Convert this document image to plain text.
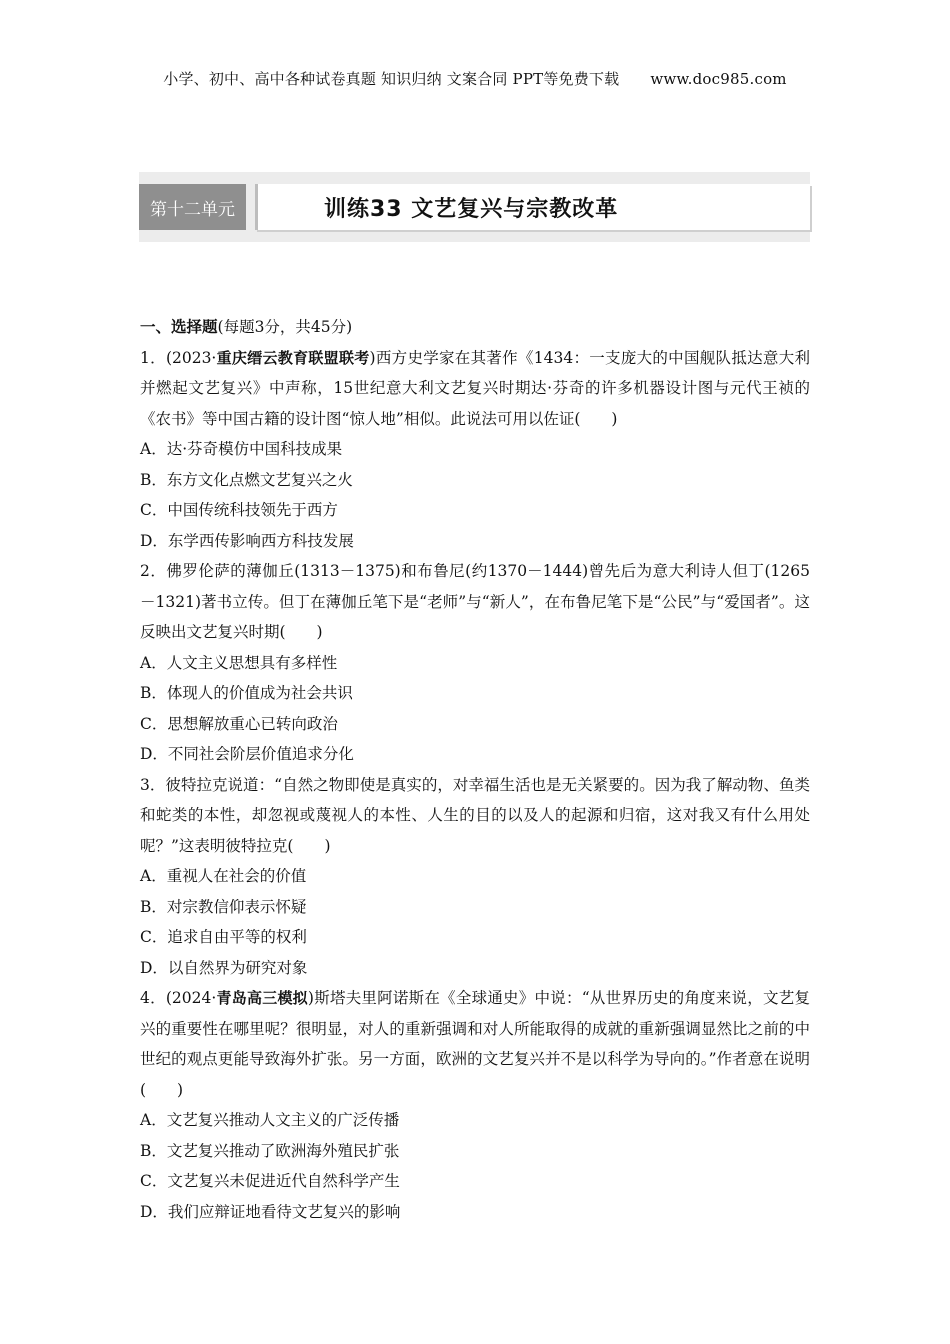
小学、初中、高中各种试卷真题 知识归纳 文案合同 PPT等免费下载 www.doc985.com
第十二单元	训练33 文艺复兴与宗教改革
一、选择题(每题3分，共45分)
1．(2023·重庆缙云教育联盟联考)西方史学家在其著作《1434：一支庞大的中国舰队抵达意大利并燃起文艺复兴》中声称，15世纪意大利文艺复兴时期达·芬奇的许多机器设计图与元代王祯的《农书》等中国古籍的设计图“惊人地”相似。此说法可用以佐证(　　)
A．达·芬奇模仿中国科技成果
B．东方文化点燃文艺复兴之火
C．中国传统科技领先于西方
D．东学西传影响西方科技发展
2．佛罗伦萨的薄伽丘(1313－1375)和布鲁尼(约1370－1444)曾先后为意大利诗人但丁(1265－1321)著书立传。但丁在薄伽丘笔下是“老师”与“新人”，在布鲁尼笔下是“公民”与“爱国者”。这反映出文艺复兴时期(　　)
A．人文主义思想具有多样性
B．体现人的价值成为社会共识
C．思想解放重心已转向政治
D．不同社会阶层价值追求分化
3．彼特拉克说道：“自然之物即使是真实的，对幸福生活也是无关紧要的。因为我了解动物、鱼类和蛇类的本性，却忽视或蔑视人的本性、人生的目的以及人的起源和归宿，这对我又有什么用处呢？”这表明彼特拉克(　　)
A．重视人在社会的价值
B．对宗教信仰表示怀疑
C．追求自由平等的权利
D．以自然界为研究对象
4．(2024·青岛高三模拟)斯塔夫里阿诺斯在《全球通史》中说：“从世界历史的角度来说，文艺复兴的重要性在哪里呢？很明显，对人的重新强调和对人所能取得的成就的重新强调显然比之前的中世纪的观点更能导致海外扩张。另一方面，欧洲的文艺复兴并不是以科学为导向的。”作者意在说明(　　)
A．文艺复兴推动人文主义的广泛传播
B．文艺复兴推动了欧洲海外殖民扩张
C．文艺复兴未促进近代自然科学产生
D．我们应辩证地看待文艺复兴的影响
